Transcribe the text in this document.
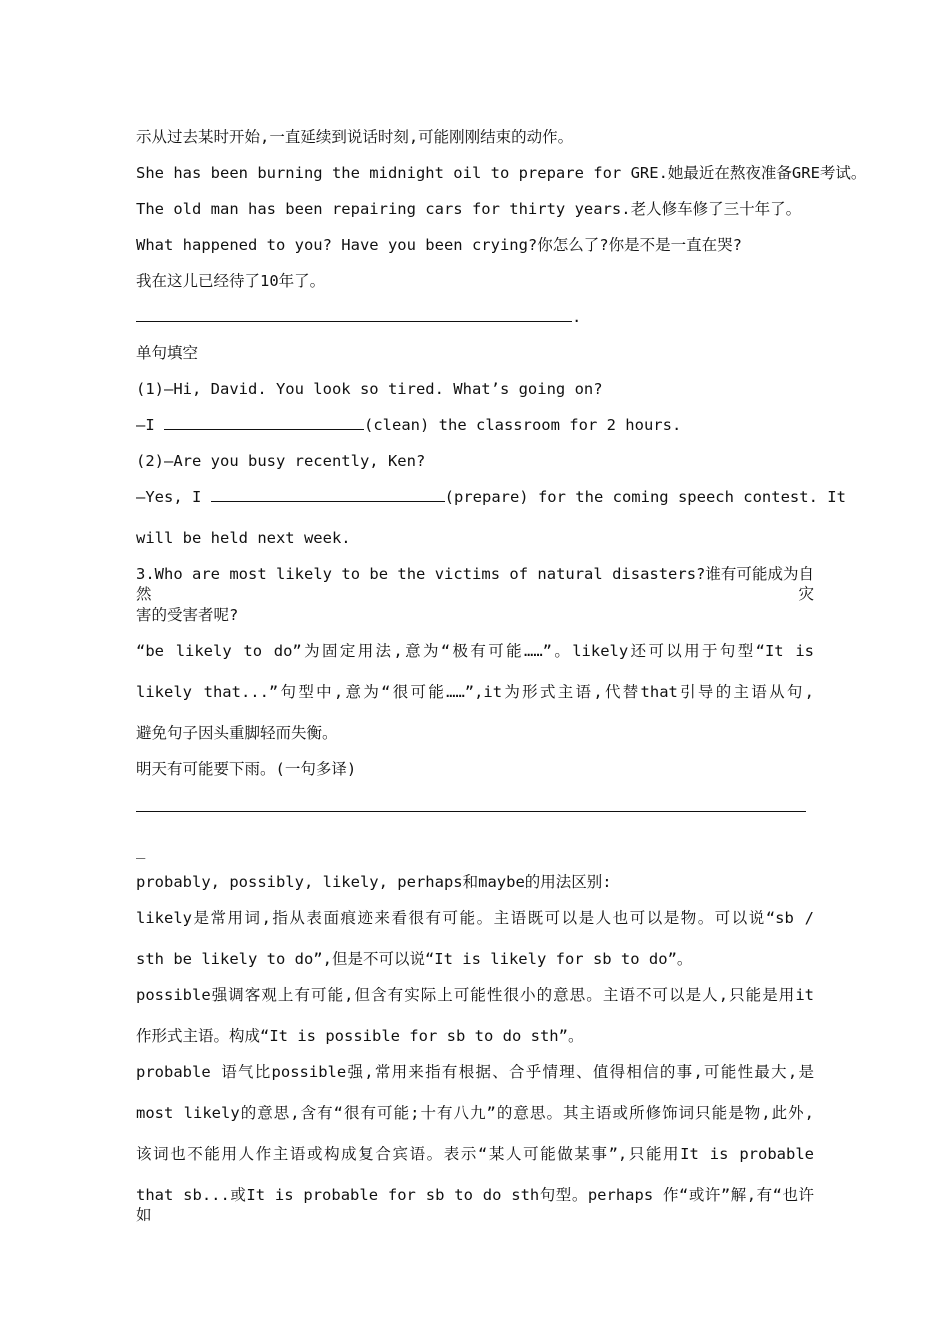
示从过去某时开始,一直延续到说话时刻,可能刚刚结束的动作。
She has been burning the midnight oil to prepare for GRE.她最近在熬夜准备GRE考试。
The old man has been repairing cars for thirty years.老人修车修了三十年了。
What happened to you? Have you been crying?你怎么了?你是不是一直在哭?
我在这儿已经待了10年了。
.
单句填空
(1)—Hi, David. You look so tired. What’s going on?
—I	(clean) the classroom for 2 hours.
(2)—Are you busy recently, Ken?
—Yes, I	(prepare) for the coming speech contest. It
will be held next week.
3.Who are most likely to be the victims of natural disasters?谁有可能成为自然灾
害的受害者呢?
“be likely to do”为固定用法,意为“极有可能……”。likely还可以用于句型“It is
likely that...”句型中,意为“很可能……”,it为形式主语,代替that引导的主语从句,
避免句子因头重脚轻而失衡。
明天有可能要下雨。(一句多译)
_
probably, possibly, likely, perhaps和maybe的用法区别:
likely是常用词,指从表面痕迹来看很有可能。主语既可以是人也可以是物。可以说“sb /
sth be likely to do”,但是不可以说“It is likely for sb to do”。
possible强调客观上有可能,但含有实际上可能性很小的意思。主语不可以是人,只能是用it
作形式主语。构成“It is possible for sb to do sth”。
probable 语气比possible强,常用来指有根据、合乎情理、值得相信的事,可能性最大,是
most likely的意思,含有“很有可能;十有八九”的意思。其主语或所修饰词只能是物,此外,
该词也不能用人作主语或构成复合宾语。表示“某人可能做某事”,只能用It is probable
that sb...或It is probable for sb to do sth句型。perhaps 作“或许”解,有“也许如
